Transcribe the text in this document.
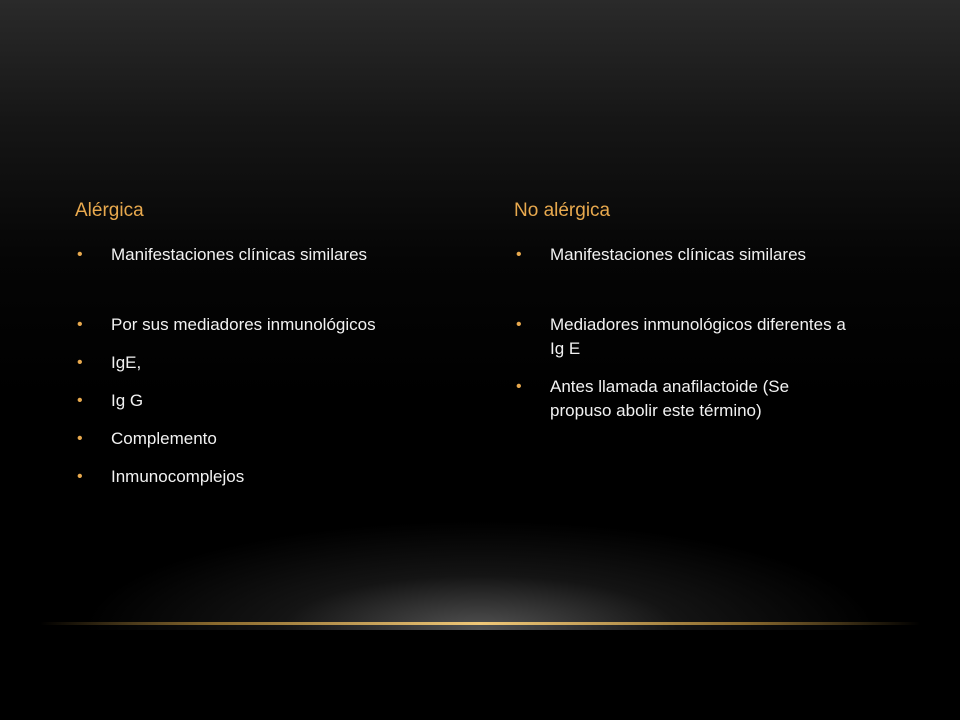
Alérgica
• Manifestaciones clínicas similares
• Por sus mediadores inmunológicos
• IgE,
• Ig G
• Complemento
• Inmunocomplejos
No alérgica
• Manifestaciones clínicas similares
• Mediadores inmunológicos diferentes a Ig E
• Antes llamada anafilactoide (Se propuso abolir este término)
